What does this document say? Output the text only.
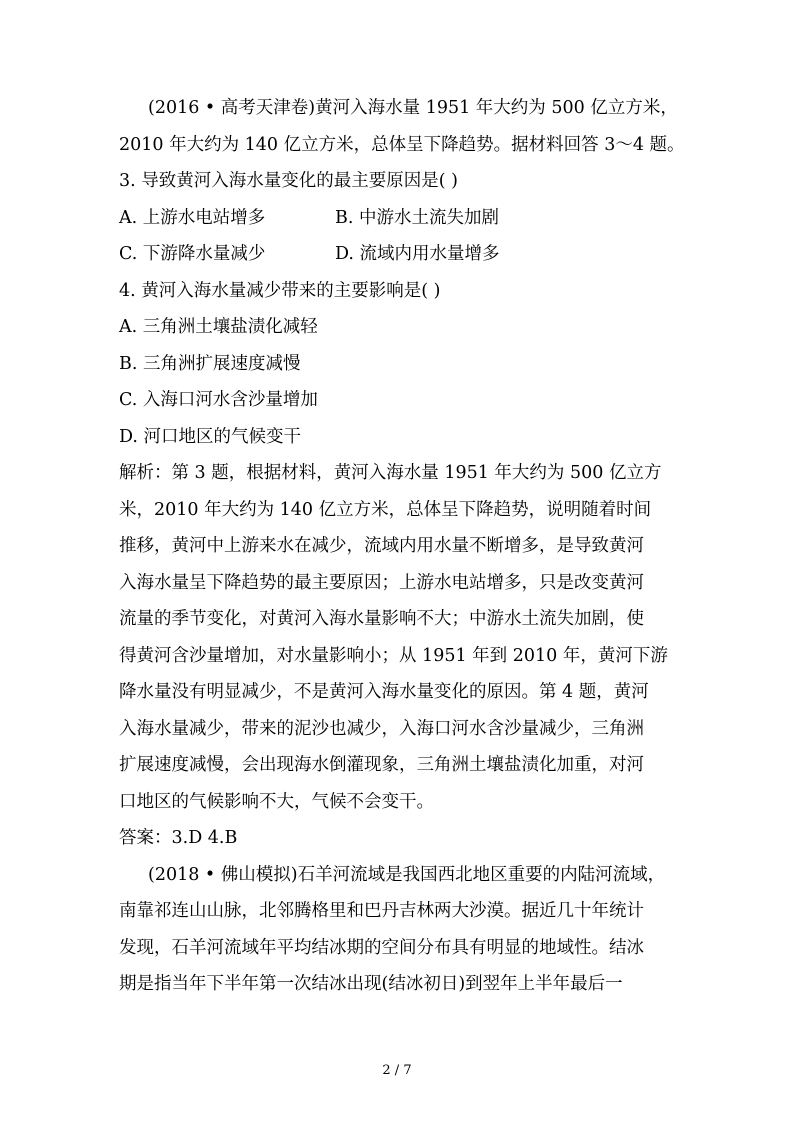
(2016 • 高考天津卷)黄河入海水量 1951 年大约为 500 亿立方米，
2010 年大约为 140 亿立方米，总体呈下降趋势。据材料回答 3～4 题。
3. 导致黄河入海水量变化的最主要原因是( )
A. 上游水电站增多	B. 中游水土流失加剧
C. 下游降水量减少	D. 流域内用水量增多
4. 黄河入海水量减少带来的主要影响是( )
A. 三角洲土壤盐渍化减轻
B. 三角洲扩展速度减慢
C. 入海口河水含沙量增加
D. 河口地区的气候变干
解析：第 3 题，根据材料，黄河入海水量 1951 年大约为 500 亿立方
米，2010 年大约为 140 亿立方米，总体呈下降趋势，说明随着时间
推移，黄河中上游来水在减少，流域内用水量不断增多，是导致黄河
入海水量呈下降趋势的最主要原因；上游水电站增多，只是改变黄河
流量的季节变化，对黄河入海水量影响不大；中游水土流失加剧，使
得黄河含沙量增加，对水量影响小；从 1951 年到 2010 年，黄河下游
降水量没有明显减少，不是黄河入海水量变化的原因。第 4 题，黄河
入海水量减少，带来的泥沙也减少，入海口河水含沙量减少，三角洲
扩展速度减慢，会出现海水倒灌现象，三角洲土壤盐渍化加重，对河
口地区的气候影响不大，气候不会变干。
答案：3.D 4.B
(2018 • 佛山模拟)石羊河流域是我国西北地区重要的内陆河流域，
南靠祁连山山脉，北邻腾格里和巴丹吉林两大沙漠。据近几十年统计
发现，石羊河流域年平均结冰期的空间分布具有明显的地域性。结冰
期是指当年下半年第一次结冰出现(结冰初日)到翌年上半年最后一
2 / 7
